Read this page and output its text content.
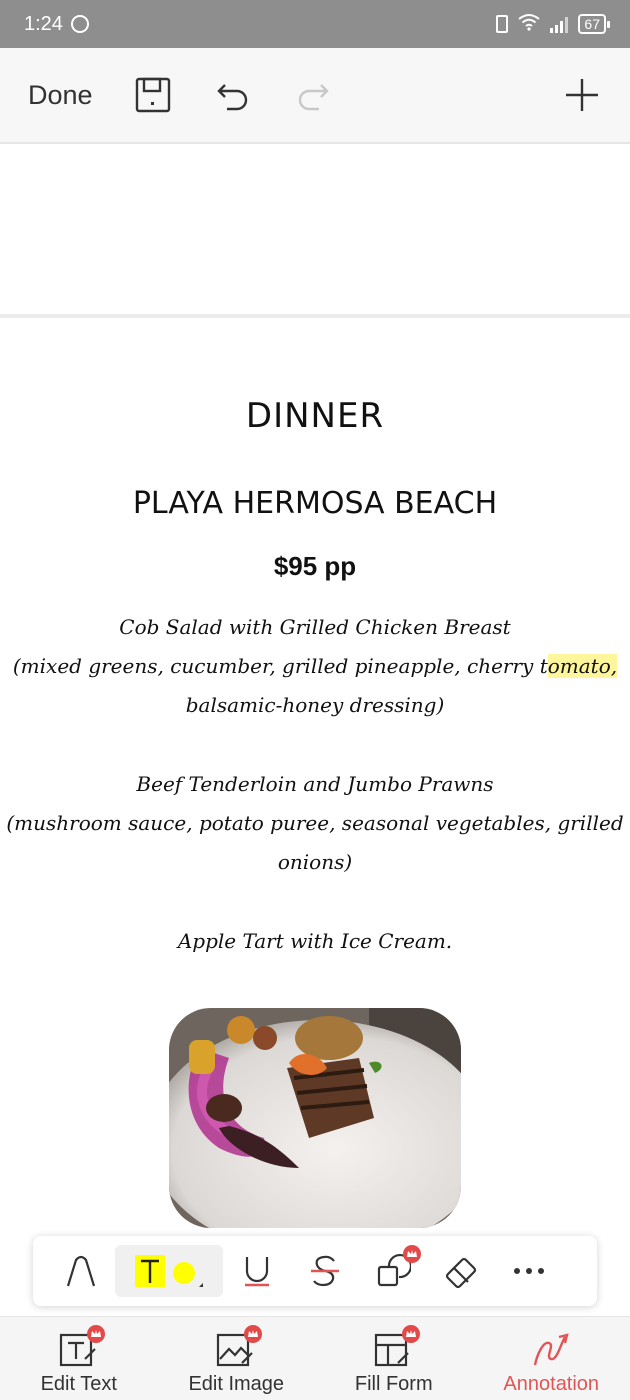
1:24	67
Done
DINNER
PLAYA HERMOSA BEACH
$95 pp
Cob Salad with Grilled Chicken Breast
(mixed greens, cucumber, grilled pineapple, cherry tomato,
balsamic-honey dressing)
Beef Tenderloin and Jumbo Prawns
(mushroom sauce, potato puree, seasonal vegetables, grilled
onions)
Apple Tart with Ice Cream.
Edit Text	Edit Image	Fill Form	Annotation
